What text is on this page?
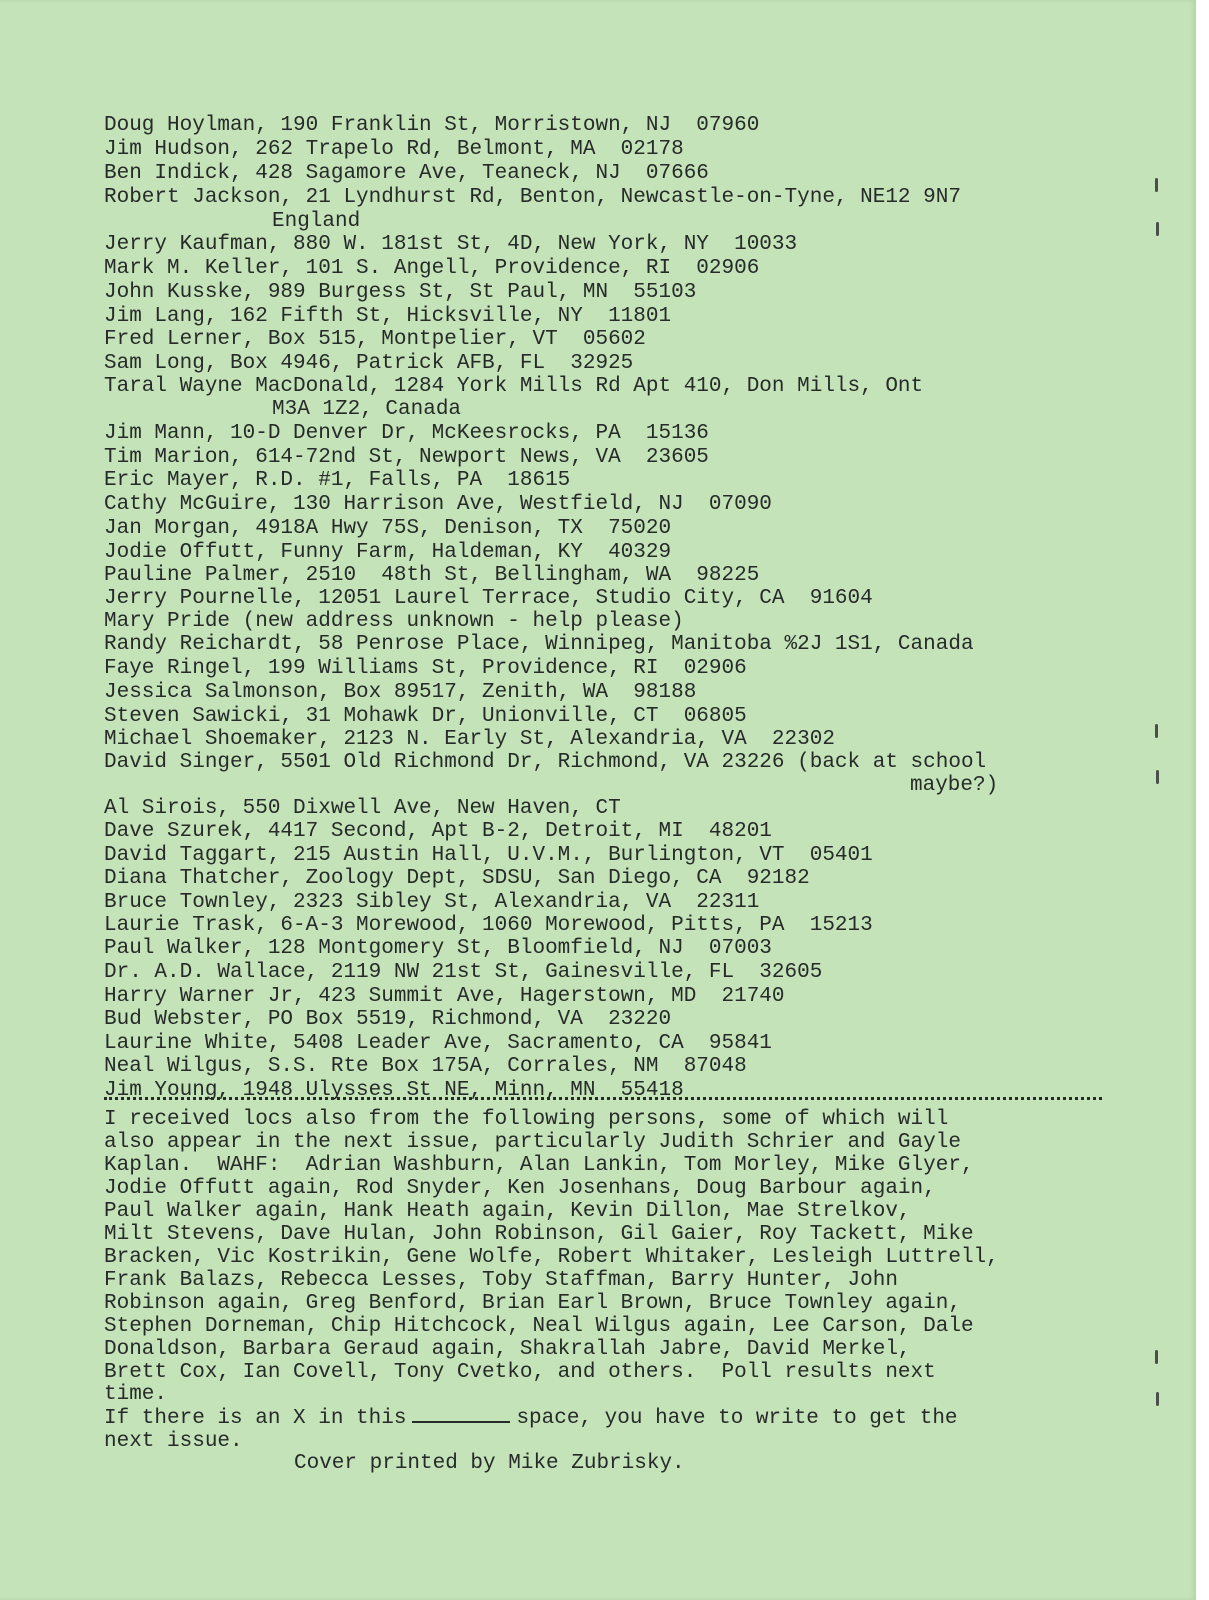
Doug Hoylman, 190 Franklin St, Morristown, NJ  07960

Jim Hudson, 262 Trapelo Rd, Belmont, MA  02178

Ben Indick, 428 Sagamore Ave, Teaneck, NJ  07666

Robert Jackson, 21 Lyndhurst Rd, Benton, Newcastle-on-Tyne, NE12 9N7

England

Jerry Kaufman, 880 W. 181st St, 4D, New York, NY  10033

Mark M. Keller, 101 S. Angell, Providence, RI  02906

John Kusske, 989 Burgess St, St Paul, MN  55103

Jim Lang, 162 Fifth St, Hicksville, NY  11801

Fred Lerner, Box 515, Montpelier, VT  05602

Sam Long, Box 4946, Patrick AFB, FL  32925

Taral Wayne MacDonald, 1284 York Mills Rd Apt 410, Don Mills, Ont

M3A 1Z2, Canada

Jim Mann, 10-D Denver Dr, McKeesrocks, PA  15136

Tim Marion, 614-72nd St, Newport News, VA  23605

Eric Mayer, R.D. #1, Falls, PA  18615

Cathy McGuire, 130 Harrison Ave, Westfield, NJ  07090

Jan Morgan, 4918A Hwy 75S, Denison, TX  75020

Jodie Offutt, Funny Farm, Haldeman, KY  40329

Pauline Palmer, 2510  48th St, Bellingham, WA  98225

Jerry Pournelle, 12051 Laurel Terrace, Studio City, CA  91604

Mary Pride (new address unknown - help please)

Randy Reichardt, 58 Penrose Place, Winnipeg, Manitoba %2J 1S1, Canada

Faye Ringel, 199 Williams St, Providence, RI  02906

Jessica Salmonson, Box 89517, Zenith, WA  98188

Steven Sawicki, 31 Mohawk Dr, Unionville, CT  06805

Michael Shoemaker, 2123 N. Early St, Alexandria, VA  22302

David Singer, 5501 Old Richmond Dr, Richmond, VA 23226 (back at school

maybe?)

Al Sirois, 550 Dixwell Ave, New Haven, CT

Dave Szurek, 4417 Second, Apt B-2, Detroit, MI  48201

David Taggart, 215 Austin Hall, U.V.M., Burlington, VT  05401

Diana Thatcher, Zoology Dept, SDSU, San Diego, CA  92182

Bruce Townley, 2323 Sibley St, Alexandria, VA  22311

Laurie Trask, 6-A-3 Morewood, 1060 Morewood, Pitts, PA  15213

Paul Walker, 128 Montgomery St, Bloomfield, NJ  07003

Dr. A.D. Wallace, 2119 NW 21st St, Gainesville, FL  32605

Harry Warner Jr, 423 Summit Ave, Hagerstown, MD  21740

Bud Webster, PO Box 5519, Richmond, VA  23220

Laurine White, 5408 Leader Ave, Sacramento, CA  95841

Neal Wilgus, S.S. Rte Box 175A, Corrales, NM  87048

Jim Young, 1948 Ulysses St NE, Minn, MN  55418

I received locs also from the following persons, some of which will

also appear in the next issue, particularly Judith Schrier and Gayle

Kaplan.  WAHF:  Adrian Washburn, Alan Lankin, Tom Morley, Mike Glyer,

Jodie Offutt again, Rod Snyder, Ken Josenhans, Doug Barbour again,

Paul Walker again, Hank Heath again, Kevin Dillon, Mae Strelkov,

Milt Stevens, Dave Hulan, John Robinson, Gil Gaier, Roy Tackett, Mike

Bracken, Vic Kostrikin, Gene Wolfe, Robert Whitaker, Lesleigh Luttrell,

Frank Balazs, Rebecca Lesses, Toby Staffman, Barry Hunter, John

Robinson again, Greg Benford, Brian Earl Brown, Bruce Townley again,

Stephen Dorneman, Chip Hitchcock, Neal Wilgus again, Lee Carson, Dale

Donaldson, Barbara Geraud again, Shakrallah Jabre, David Merkel,

Brett Cox, Ian Covell, Tony Cvetko, and others.  Poll results next

time.

If there is an X in this	space, you have to write to get the

next issue.

Cover printed by Mike Zubrisky.
